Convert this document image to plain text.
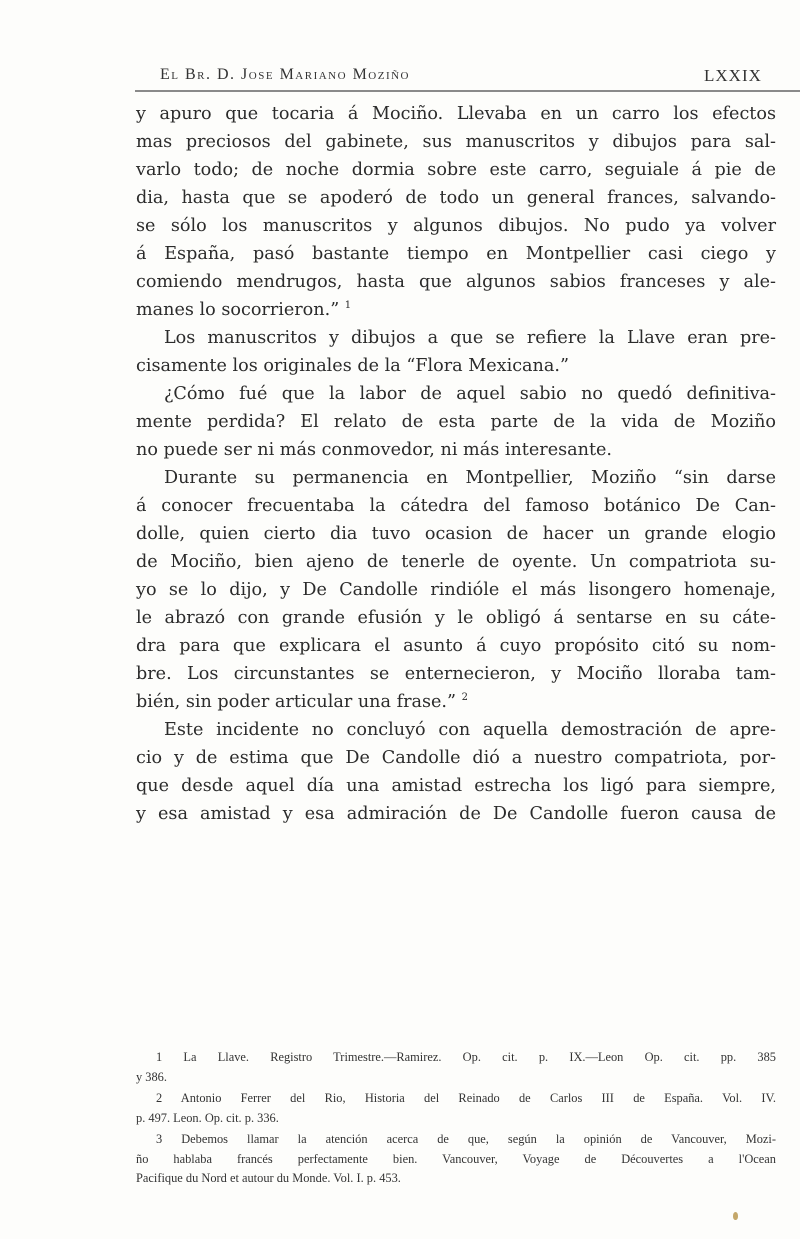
El Br. D. Jose Mariano Moziño	LXXIX
y apuro que tocaria á Mociño. Llevaba en un carro los efectos
mas preciosos del gabinete, sus manuscritos y dibujos para sal-
varlo todo; de noche dormia sobre este carro, seguiale á pie de
dia, hasta que se apoderó de todo un general frances, salvando-
se sólo los manuscritos y algunos dibujos. No pudo ya volver
á España, pasó bastante tiempo en Montpellier casi ciego y
comiendo mendrugos, hasta que algunos sabios franceses y ale-
manes lo socorrieron.” $^1$
Los manuscritos y dibujos a que se refiere la Llave eran pre-
cisamente los originales de la “Flora Mexicana.”
¿Cómo fué que la labor de aquel sabio no quedó definitiva-
mente perdida? El relato de esta parte de la vida de Moziño
no puede ser ni más conmovedor, ni más interesante.
Durante su permanencia en Montpellier, Moziño “sin darse
á conocer frecuentaba la cátedra del famoso botánico De Can-
dolle, quien cierto dia tuvo ocasion de hacer un grande elogio
de Mociño, bien ajeno de tenerle de oyente. Un compatriota su-
yo se lo dijo, y De Candolle rindióle el más lisongero homenaje,
le abrazó con grande efusión y le obligó á sentarse en su cáte-
dra para que explicara el asunto á cuyo propósito citó su nom-
bre. Los circunstantes se enternecieron, y Mociño lloraba tam-
bién, sin poder articular una frase.” $^2$
Este incidente no concluyó con aquella demostración de apre-
cio y de estima que De Candolle dió a nuestro compatriota, por-
que desde aquel día una amistad estrecha los ligó para siempre,
y esa amistad y esa admiración de De Candolle fueron causa de
1 La Llave. Registro Trimestre.—Ramirez. Op. cit. p. IX.—Leon Op. cit. pp. 385
y 386.
2 Antonio Ferrer del Rio, Historia del Reinado de Carlos III de España. Vol. IV.
p. 497. Leon. Op. cit. p. 336.
3 Debemos llamar la atención acerca de que, según la opinión de Vancouver, Mozi-
ño hablaba francés perfectamente bien. Vancouver, Voyage de Découvertes a l'Ocean
Pacifique du Nord et autour du Monde. Vol. I. p. 453.
